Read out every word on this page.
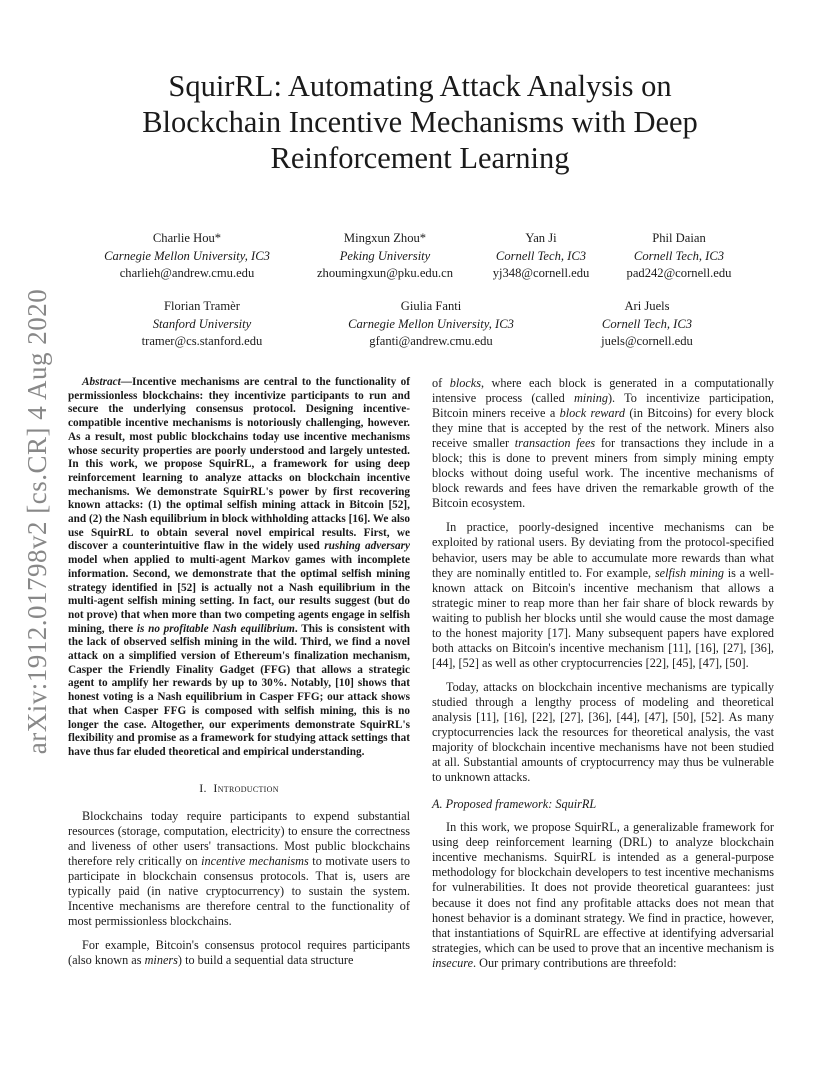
arXiv:1912.01798v2 [cs.CR] 4 Aug 2020
SquirRL: Automating Attack Analysis on
Blockchain Incentive Mechanisms with Deep
Reinforcement Learning
Charlie Hou*
Carnegie Mellon University, IC3
charlieh@andrew.cmu.edu
Mingxun Zhou*
Peking University
zhoumingxun@pku.edu.cn
Yan Ji
Cornell Tech, IC3
yj348@cornell.edu
Phil Daian
Cornell Tech, IC3
pad242@cornell.edu
Florian Tramèr
Stanford University
tramer@cs.stanford.edu
Giulia Fanti
Carnegie Mellon University, IC3
gfanti@andrew.cmu.edu
Ari Juels
Cornell Tech, IC3
juels@cornell.edu

Abstract—Incentive mechanisms are central to the functionality of permissionless blockchains: they incentivize participants to run and secure the underlying consensus protocol. Designing incentive-compatible incentive mechanisms is notoriously challenging, however. As a result, most public blockchains today use incentive mechanisms whose security properties are poorly understood and largely untested. In this work, we propose SquirRL, a framework for using deep reinforcement learning to analyze attacks on blockchain incentive mechanisms. We demonstrate SquirRL's power by first recovering known attacks: (1) the optimal selfish mining attack in Bitcoin [52], and (2) the Nash equilibrium in block withholding attacks [16]. We also use SquirRL to obtain several novel empirical results. First, we discover a counterintuitive flaw in the widely used rushing adversary model when applied to multi-agent Markov games with incomplete information. Second, we demonstrate that the optimal selfish mining strategy identified in [52] is actually not a Nash equilibrium in the multi-agent selfish mining setting. In fact, our results suggest (but do not prove) that when more than two competing agents engage in selfish mining, there is no profitable Nash equilibrium. This is consistent with the lack of observed selfish mining in the wild. Third, we find a novel attack on a simplified version of Ethereum's finalization mechanism, Casper the Friendly Finality Gadget (FFG) that allows a strategic agent to amplify her rewards by up to 30%. Notably, [10] shows that honest voting is a Nash equilibrium in Casper FFG; our attack shows that when Casper FFG is composed with selfish mining, this is no longer the case. Altogether, our experiments demonstrate SquirRL's flexibility and promise as a framework for studying attack settings that have thus far eluded theoretical and empirical understanding.

I. Introduction

Blockchains today require participants to expend substantial resources (storage, computation, electricity) to ensure the correctness and liveness of other users' transactions. Most public blockchains therefore rely critically on incentive mechanisms to motivate users to participate in blockchain consensus protocols. That is, users are typically paid (in native cryptocurrency) to sustain the system. Incentive mechanisms are therefore central to the functionality of most permissionless blockchains.

For example, Bitcoin's consensus protocol requires participants (also known as miners) to build a sequential data structure

of blocks, where each block is generated in a computationally intensive process (called mining). To incentivize participation, Bitcoin miners receive a block reward (in Bitcoins) for every block they mine that is accepted by the rest of the network. Miners also receive smaller transaction fees for transactions they include in a block; this is done to prevent miners from simply mining empty blocks without doing useful work. The incentive mechanisms of block rewards and fees have driven the remarkable growth of the Bitcoin ecosystem.

In practice, poorly-designed incentive mechanisms can be exploited by rational users. By deviating from the protocol-specified behavior, users may be able to accumulate more rewards than what they are nominally entitled to. For example, selfish mining is a well-known attack on Bitcoin's incentive mechanism that allows a strategic miner to reap more than her fair share of block rewards by waiting to publish her blocks until she would cause the most damage to the honest majority [17]. Many subsequent papers have explored both attacks on Bitcoin's incentive mechanism [11], [16], [27], [36], [44], [52] as well as other cryptocurrencies [22], [45], [47], [50].

Today, attacks on blockchain incentive mechanisms are typically studied through a lengthy process of modeling and theoretical analysis [11], [16], [22], [27], [36], [44], [47], [50], [52]. As many cryptocurrencies lack the resources for theoretical analysis, the vast majority of blockchain incentive mechanisms have not been studied at all. Substantial amounts of cryptocurrency may thus be vulnerable to unknown attacks.

A. Proposed framework: SquirRL

In this work, we propose SquirRL, a generalizable framework for using deep reinforcement learning (DRL) to analyze blockchain incentive mechanisms. SquirRL is intended as a general-purpose methodology for blockchain developers to test incentive mechanisms for vulnerabilities. It does not provide theoretical guarantees: just because it does not find any profitable attacks does not mean that honest behavior is a dominant strategy. We find in practice, however, that instantiations of SquirRL are effective at identifying adversarial strategies, which can be used to prove that an incentive mechanism is insecure. Our primary contributions are threefold:
